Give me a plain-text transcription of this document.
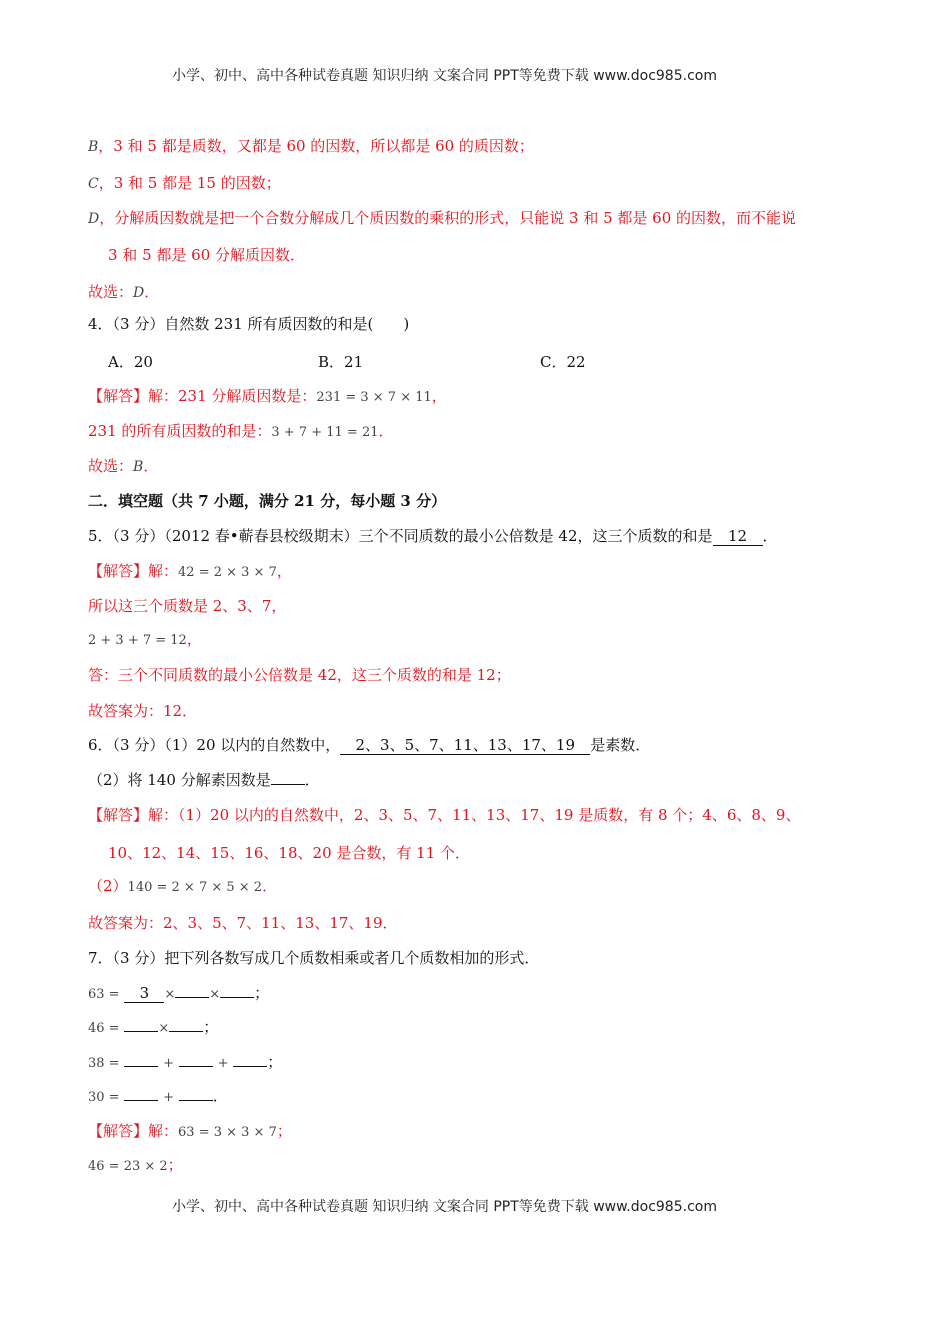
小学、初中、高中各种试卷真题 知识归纳 文案合同 PPT等免费下载 www.doc985.com
B，3 和 5 都是质数，又都是 60 的因数，所以都是 60 的质因数；
C，3 和 5 都是 15 的因数；
D，分解质因数就是把一个合数分解成几个质因数的乘积的形式，只能说 3 和 5 都是 60 的因数，而不能说
3 和 5 都是 60 分解质因数．
故选：D．
4．（3 分）自然数 231 所有质因数的和是(　　)
A．20	B．21	C．22
【解答】解：231 分解质因数是：231 = 3 × 7 × 11，
231 的所有质因数的和是：3 + 7 + 11 = 21．
故选：B．
二．填空题（共 7 小题，满分 21 分，每小题 3 分）
5．（3 分）（2012 春•蕲春县校级期末）三个不同质数的最小公倍数是 42，这三个质数的和是 12 ．
【解答】解：42 = 2 × 3 × 7，
所以这三个质数是 2、3、7，
2 + 3 + 7 = 12，
答：三个不同质数的最小公倍数是 42，这三个质数的和是 12；
故答案为：12．
6．（3 分）（1）20 以内的自然数中， 2、3、5、7、11、13、17、19 是素数．
（2）将 140 分解素因数是 ．
【解答】解：（1）20 以内的自然数中，2、3、5、7、11、13、17、19 是质数，有 8 个；4、6、8、9、
10、12、14、15、16、18、20 是合数，有 11 个．
（2）140 = 2 × 7 × 5 × 2．
故答案为：2、3、5、7、11、13、17、19．
7．（3 分）把下列各数写成几个质数相乘或者几个质数相加的形式．
63 = 3 ×	× ；
46 =	× ；
38 =	+	+	；
30 =	+	．
【解答】解：63 = 3 × 3 × 7；
46 = 23 × 2；
小学、初中、高中各种试卷真题 知识归纳 文案合同 PPT等免费下载 www.doc985.com
